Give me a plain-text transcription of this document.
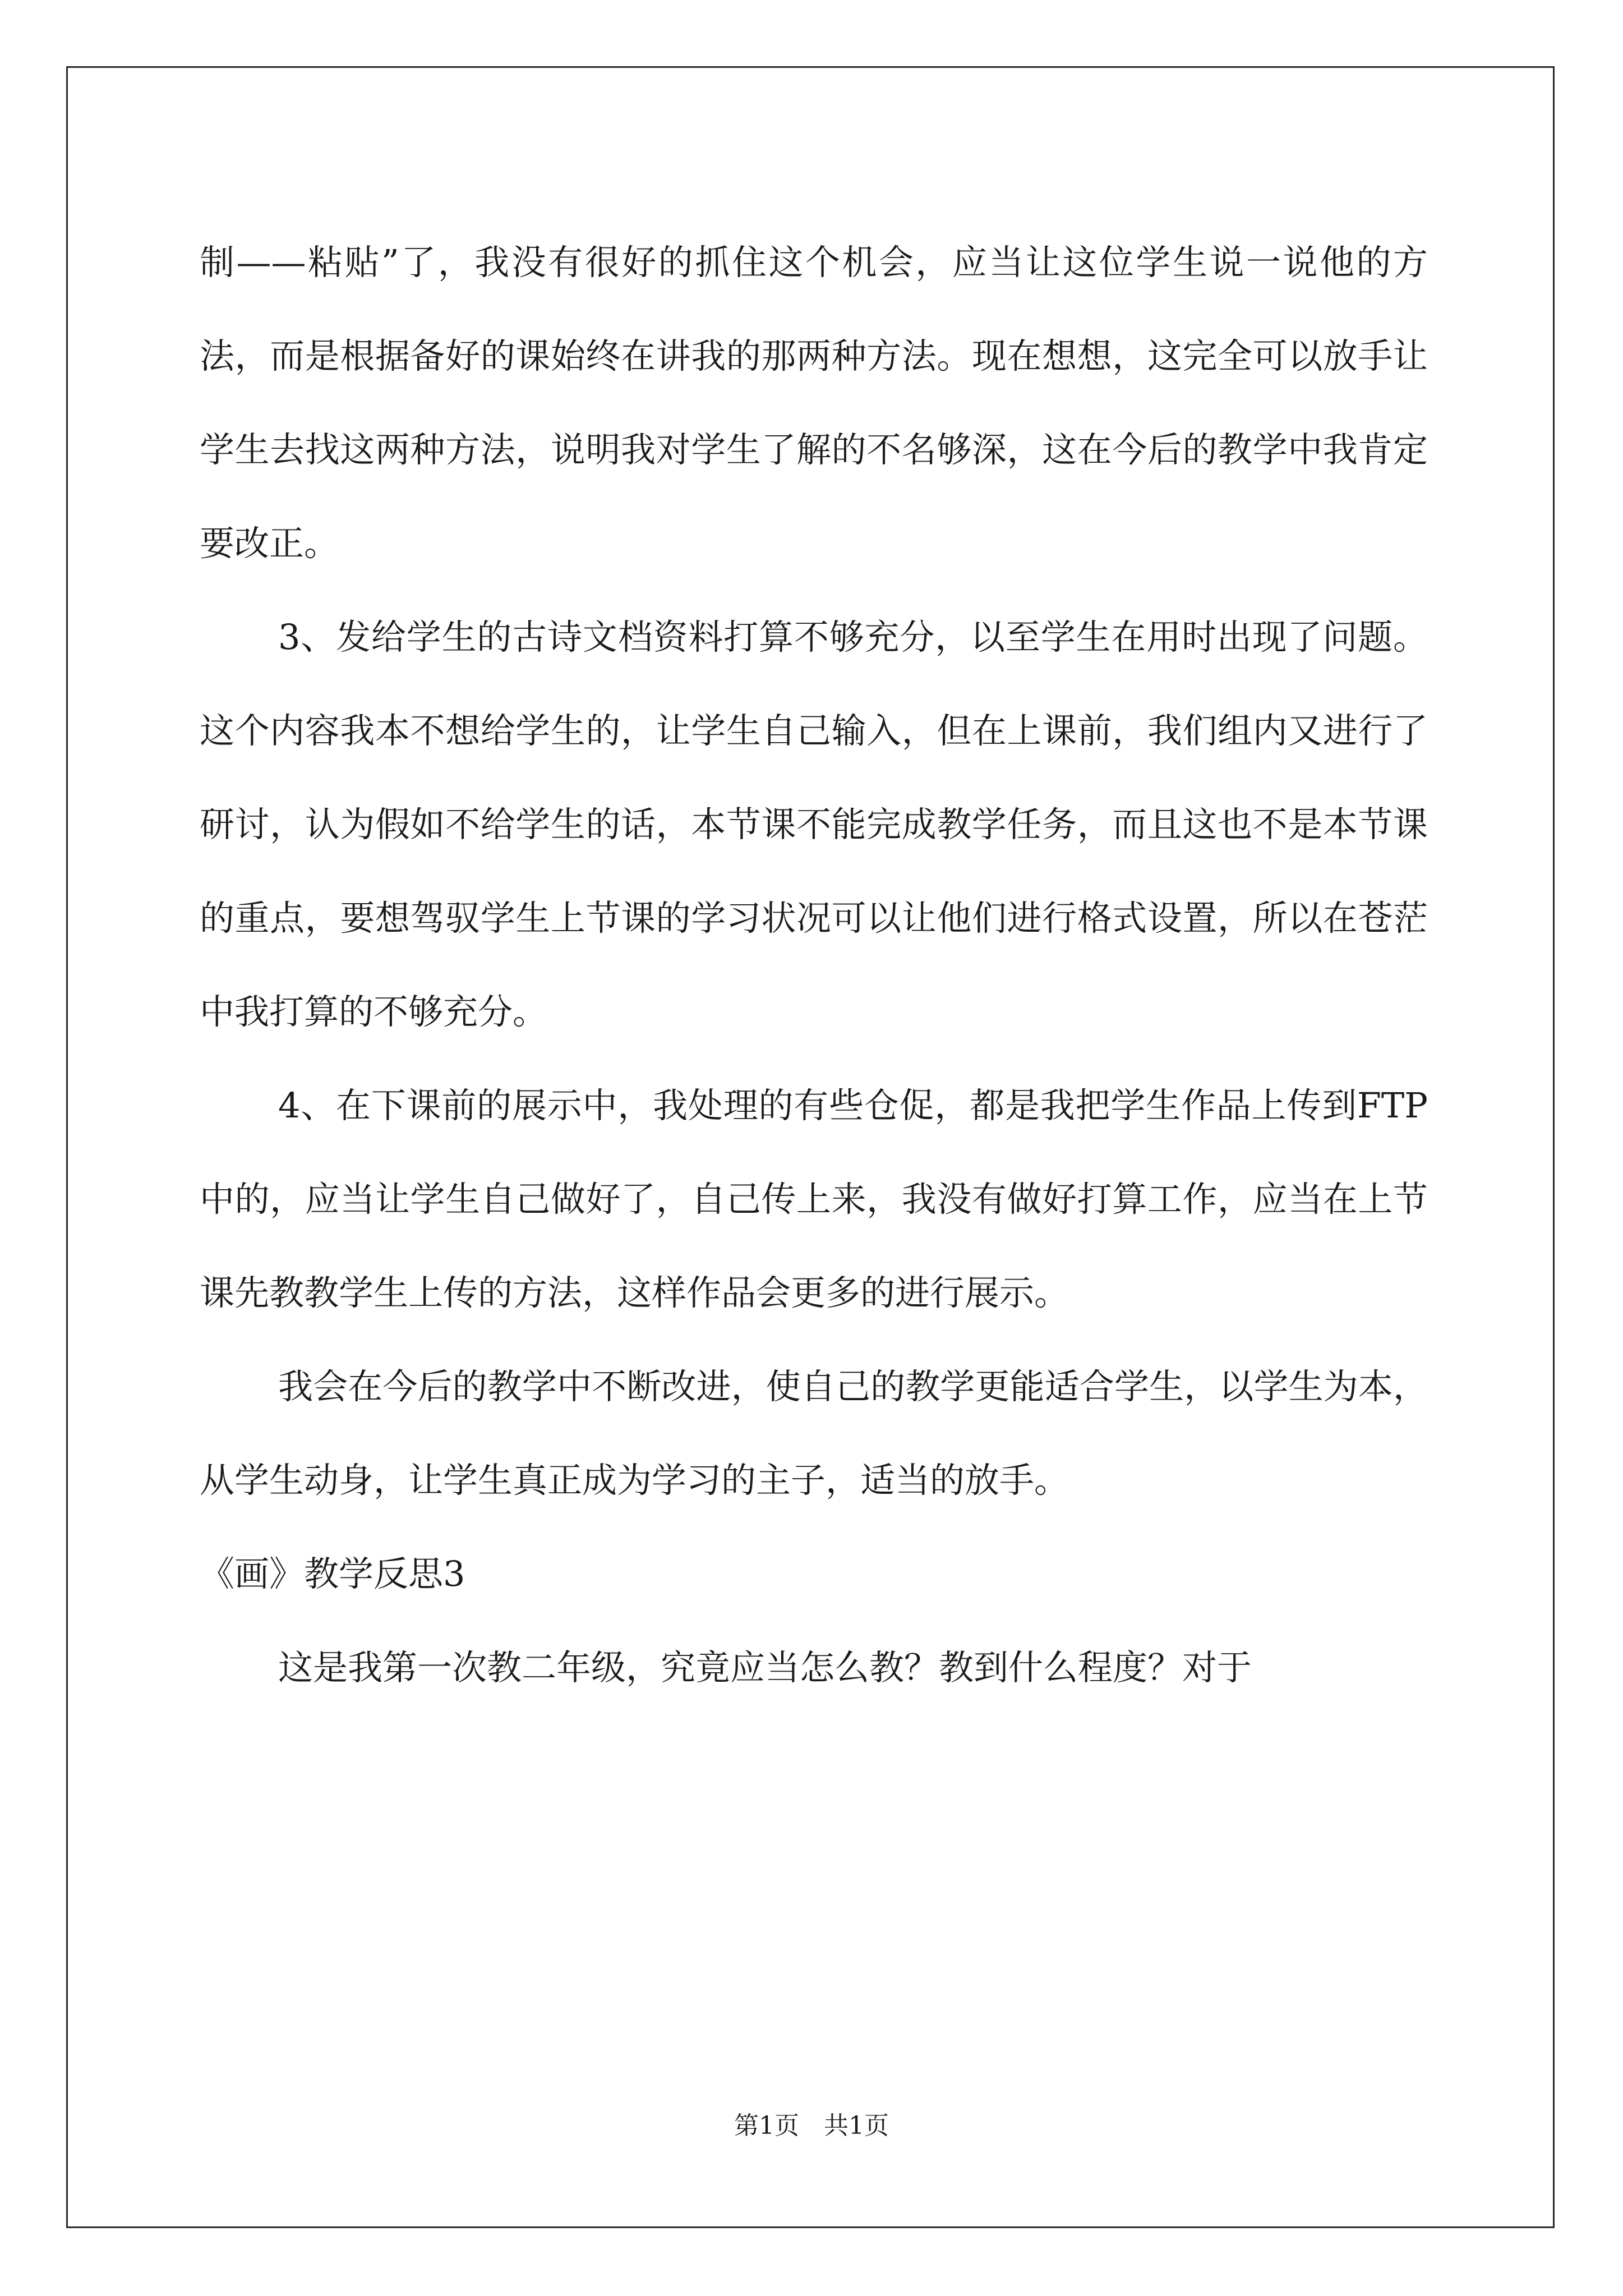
制——粘贴”了，我没有很好的抓住这个机会，应当让这位学生说一说他的方法，而是根据备好的课始终在讲我的那两种方法。现在想想，这完全可以放手让学生去找这两种方法，说明我对学生了解的不名够深，这在今后的教学中我肯定要改正。

3、发给学生的古诗文档资料打算不够充分，以至学生在用时出现了问题。这个内容我本不想给学生的，让学生自己输入，但在上课前，我们组内又进行了研讨，认为假如不给学生的话，本节课不能完成教学任务，而且这也不是本节课的重点，要想驾驭学生上节课的学习状况可以让他们进行格式设置，所以在苍茫中我打算的不够充分。

4、在下课前的展示中，我处理的有些仓促，都是我把学生作品上传到FTP中的，应当让学生自己做好了，自己传上来，我没有做好打算工作，应当在上节课先教教学生上传的方法，这样作品会更多的进行展示。

我会在今后的教学中不断改进，使自己的教学更能适合学生，以学生为本，从学生动身，让学生真正成为学习的主子，适当的放手。

《画》教学反思3

这是我第一次教二年级，究竟应当怎么教？教到什么程度？对于

第1页　共1页
